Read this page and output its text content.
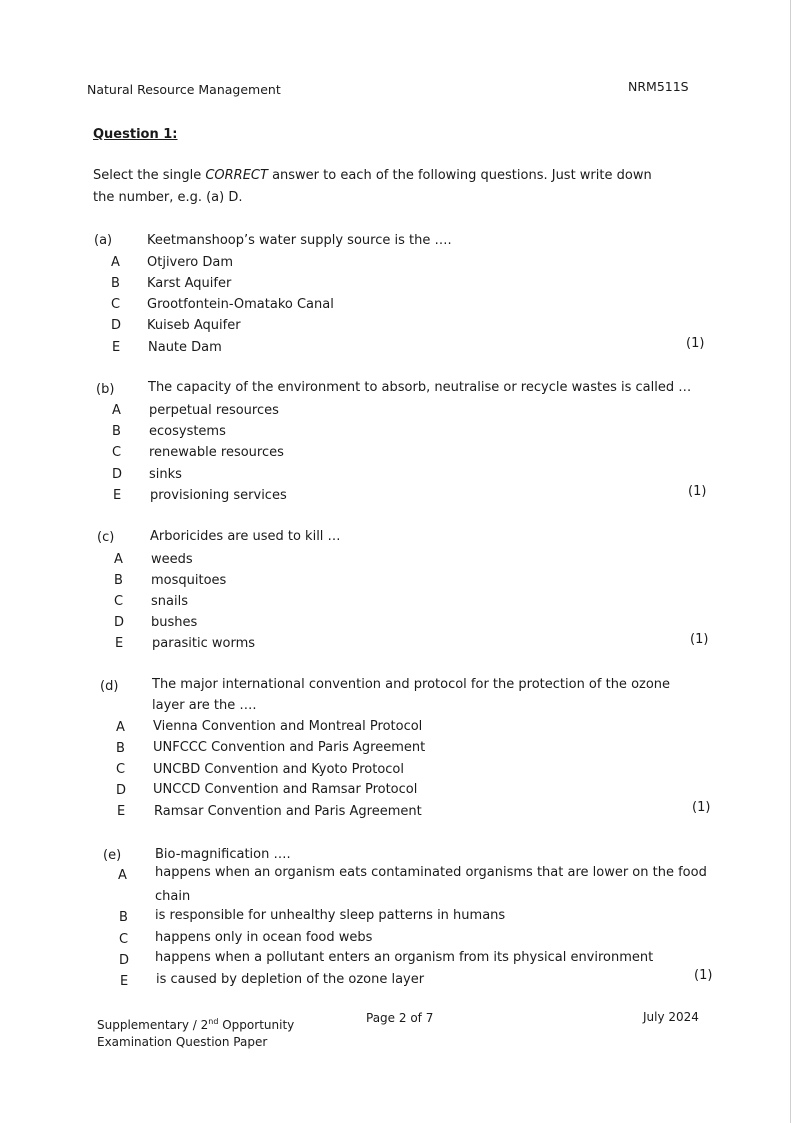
Natural Resource Management	NRM511S
Question 1:
Select the single CORRECT answer to each of the following questions. Just write down the number, e.g. (a) D.
(a)	Keetmanshoop’s water supply source is the ….
A Otjivero Dam
B Karst Aquifer
C Grootfontein-Omatako Canal
D Kuiseb Aquifer
E Naute Dam	(1)
(b)	The capacity of the environment to absorb, neutralise or recycle wastes is called …
A perpetual resources
B ecosystems
C renewable resources
D sinks
E provisioning services	(1)
(c)	Arboricides are used to kill …
A weeds
B mosquitoes
C snails
D bushes
E parasitic worms	(1)
(d)	The major international convention and protocol for the protection of the ozone
layer are the ….
A Vienna Convention and Montreal Protocol
B UNFCCC Convention and Paris Agreement
C UNCBD Convention and Kyoto Protocol
D UNCCD Convention and Ramsar Protocol
E Ramsar Convention and Paris Agreement	(1)
(e)	Bio-magnification ….
A happens when an organism eats contaminated organisms that are lower on the food
chain
B is responsible for unhealthy sleep patterns in humans
C happens only in ocean food webs
D happens when a pollutant enters an organism from its physical environment
E is caused by depletion of the ozone layer	(1)
Supplementary / 2nd Opportunity
Examination Question Paper
Page 2 of 7	July 2024
